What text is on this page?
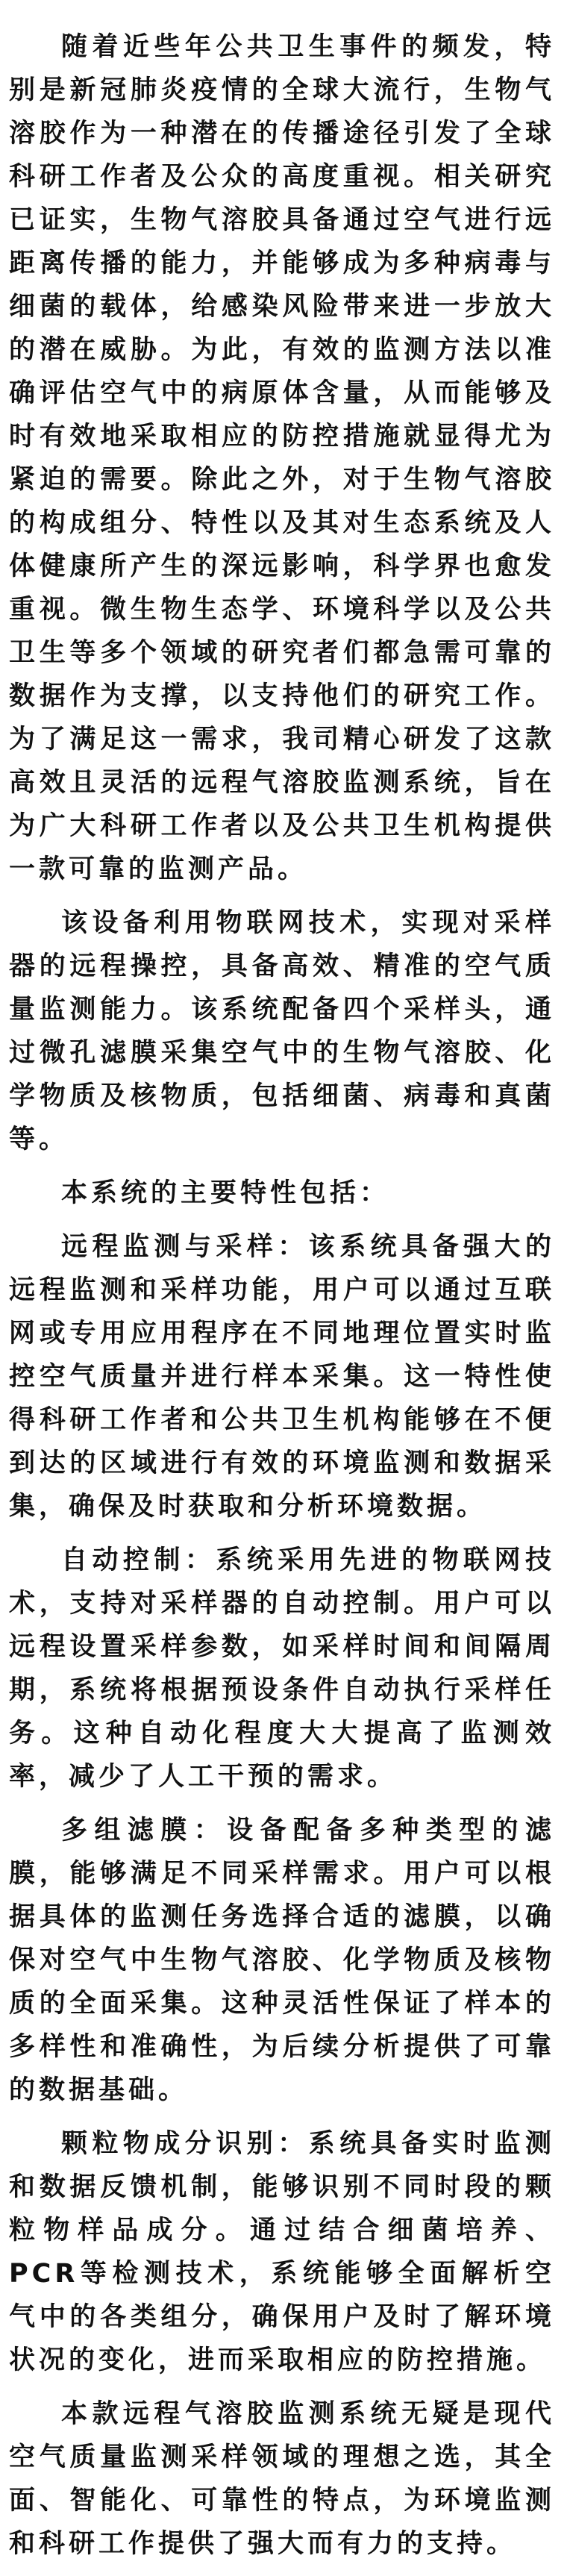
随着近些年公共卫生事件的频发，特别是新冠肺炎疫情的全球大流行，生物气溶胶作为一种潜在的传播途径引发了全球科研工作者及公众的高度重视。相关研究已证实，生物气溶胶具备通过空气进行远距离传播的能力，并能够成为多种病毒与细菌的载体，给感染风险带来进一步放大的潜在威胁。为此，有效的监测方法以准确评估空气中的病原体含量，从而能够及时有效地采取相应的防控措施就显得尤为紧迫的需要。除此之外，对于生物气溶胶的构成组分、特性以及其对生态系统及人体健康所产生的深远影响，科学界也愈发重视。微生物生态学、环境科学以及公共卫生等多个领域的研究者们都急需可靠的数据作为支撑，以支持他们的研究工作。为了满足这一需求，我司精心研发了这款高效且灵活的远程气溶胶监测系统，旨在为广大科研工作者以及公共卫生机构提供一款可靠的监测产品。

该设备利用物联网技术，实现对采样器的远程操控，具备高效、精准的空气质量监测能力。该系统配备四个采样头，通过微孔滤膜采集空气中的生物气溶胶、化学物质及核物质，包括细菌、病毒和真菌等。

本系统的主要特性包括：

远程监测与采样：该系统具备强大的远程监测和采样功能，用户可以通过互联网或专用应用程序在不同地理位置实时监控空气质量并进行样本采集。这一特性使得科研工作者和公共卫生机构能够在不便到达的区域进行有效的环境监测和数据采集，确保及时获取和分析环境数据。

自动控制：系统采用先进的物联网技术，支持对采样器的自动控制。用户可以远程设置采样参数，如采样时间和间隔周期，系统将根据预设条件自动执行采样任务。这种自动化程度大大提高了监测效率，减少了人工干预的需求。

多组滤膜：设备配备多种类型的滤膜，能够满足不同采样需求。用户可以根据具体的监测任务选择合适的滤膜，以确保对空气中生物气溶胶、化学物质及核物质的全面采集。这种灵活性保证了样本的多样性和准确性，为后续分析提供了可靠的数据基础。

颗粒物成分识别：系统具备实时监测和数据反馈机制，能够识别不同时段的颗粒物样品成分。通过结合细菌培养、PCR等检测技术，系统能够全面解析空气中的各类组分，确保用户及时了解环境状况的变化，进而采取相应的防控措施。

本款远程气溶胶监测系统无疑是现代空气质量监测采样领域的理想之选，其全面、智能化、可靠性的特点，为环境监测和科研工作提供了强大而有力的支持。
